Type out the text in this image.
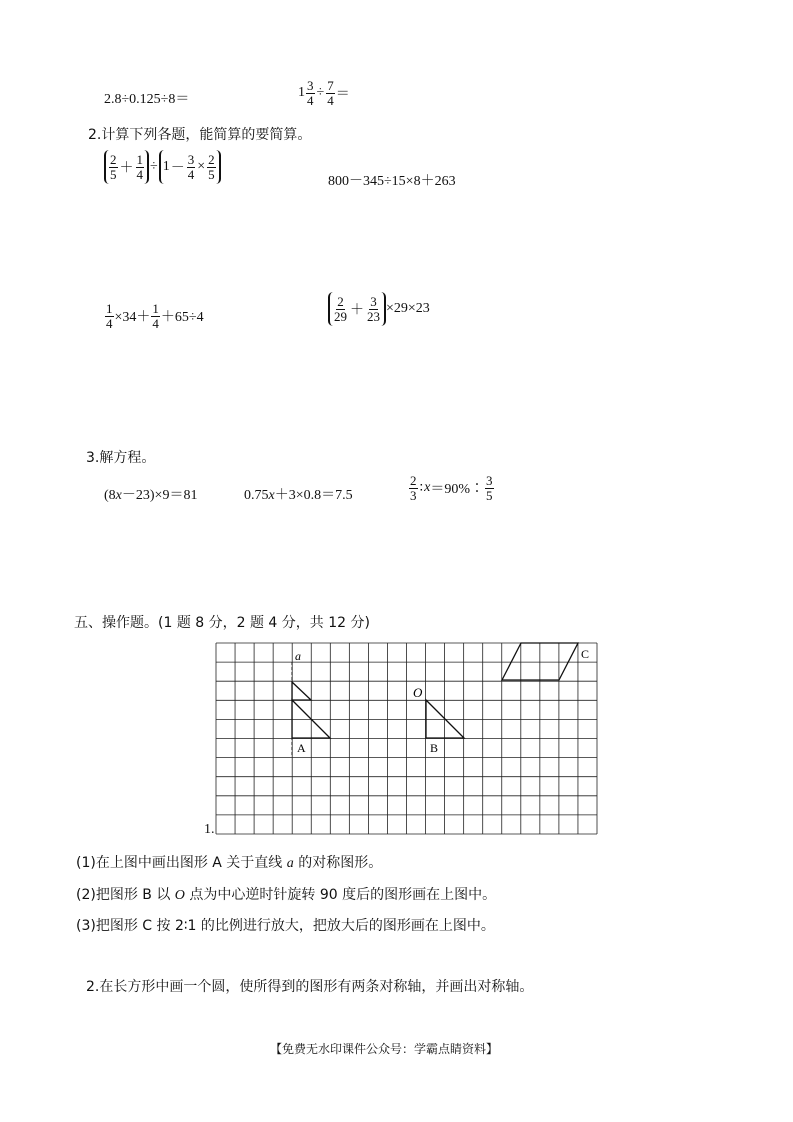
2.8÷0.125÷8＝	$1 \frac{3}{4} \div \frac{7}{4}$ ＝
2.计算下列各题，能简算的要简算。
$\frac{2}{5} + \frac{1}{4} \div 1 - \frac{3}{4} \times \frac{2}{5}$
800－345÷15×8＋263
$\frac{1}{4} \times 34+ \frac{1}{4} +65\div 4$	$\frac{2}{29} + \frac{3}{23} \times 29\times 23$
3.解方程。
(8x－23)×9＝81	0.75x＋3×0.8＝7.5	$\frac{2}{3}$ ∶ x ＝90%∶ $\frac{3}{5}$
五、操作题。(1 题 8 分，2 题 4 分，共 12 分)
a
O
A	B
C
1.
(1)在上图中画出图形 A 关于直线 a 的对称图形。
(2)把图形 B 以 O 点为中心逆时针旋转 90 度后的图形画在上图中。
(3)把图形 C 按 2∶1 的比例进行放大，把放大后的图形画在上图中。
2.在长方形中画一个圆，使所得到的图形有两条对称轴，并画出对称轴。
【免费无水印课件公众号：学霸点睛资料】
